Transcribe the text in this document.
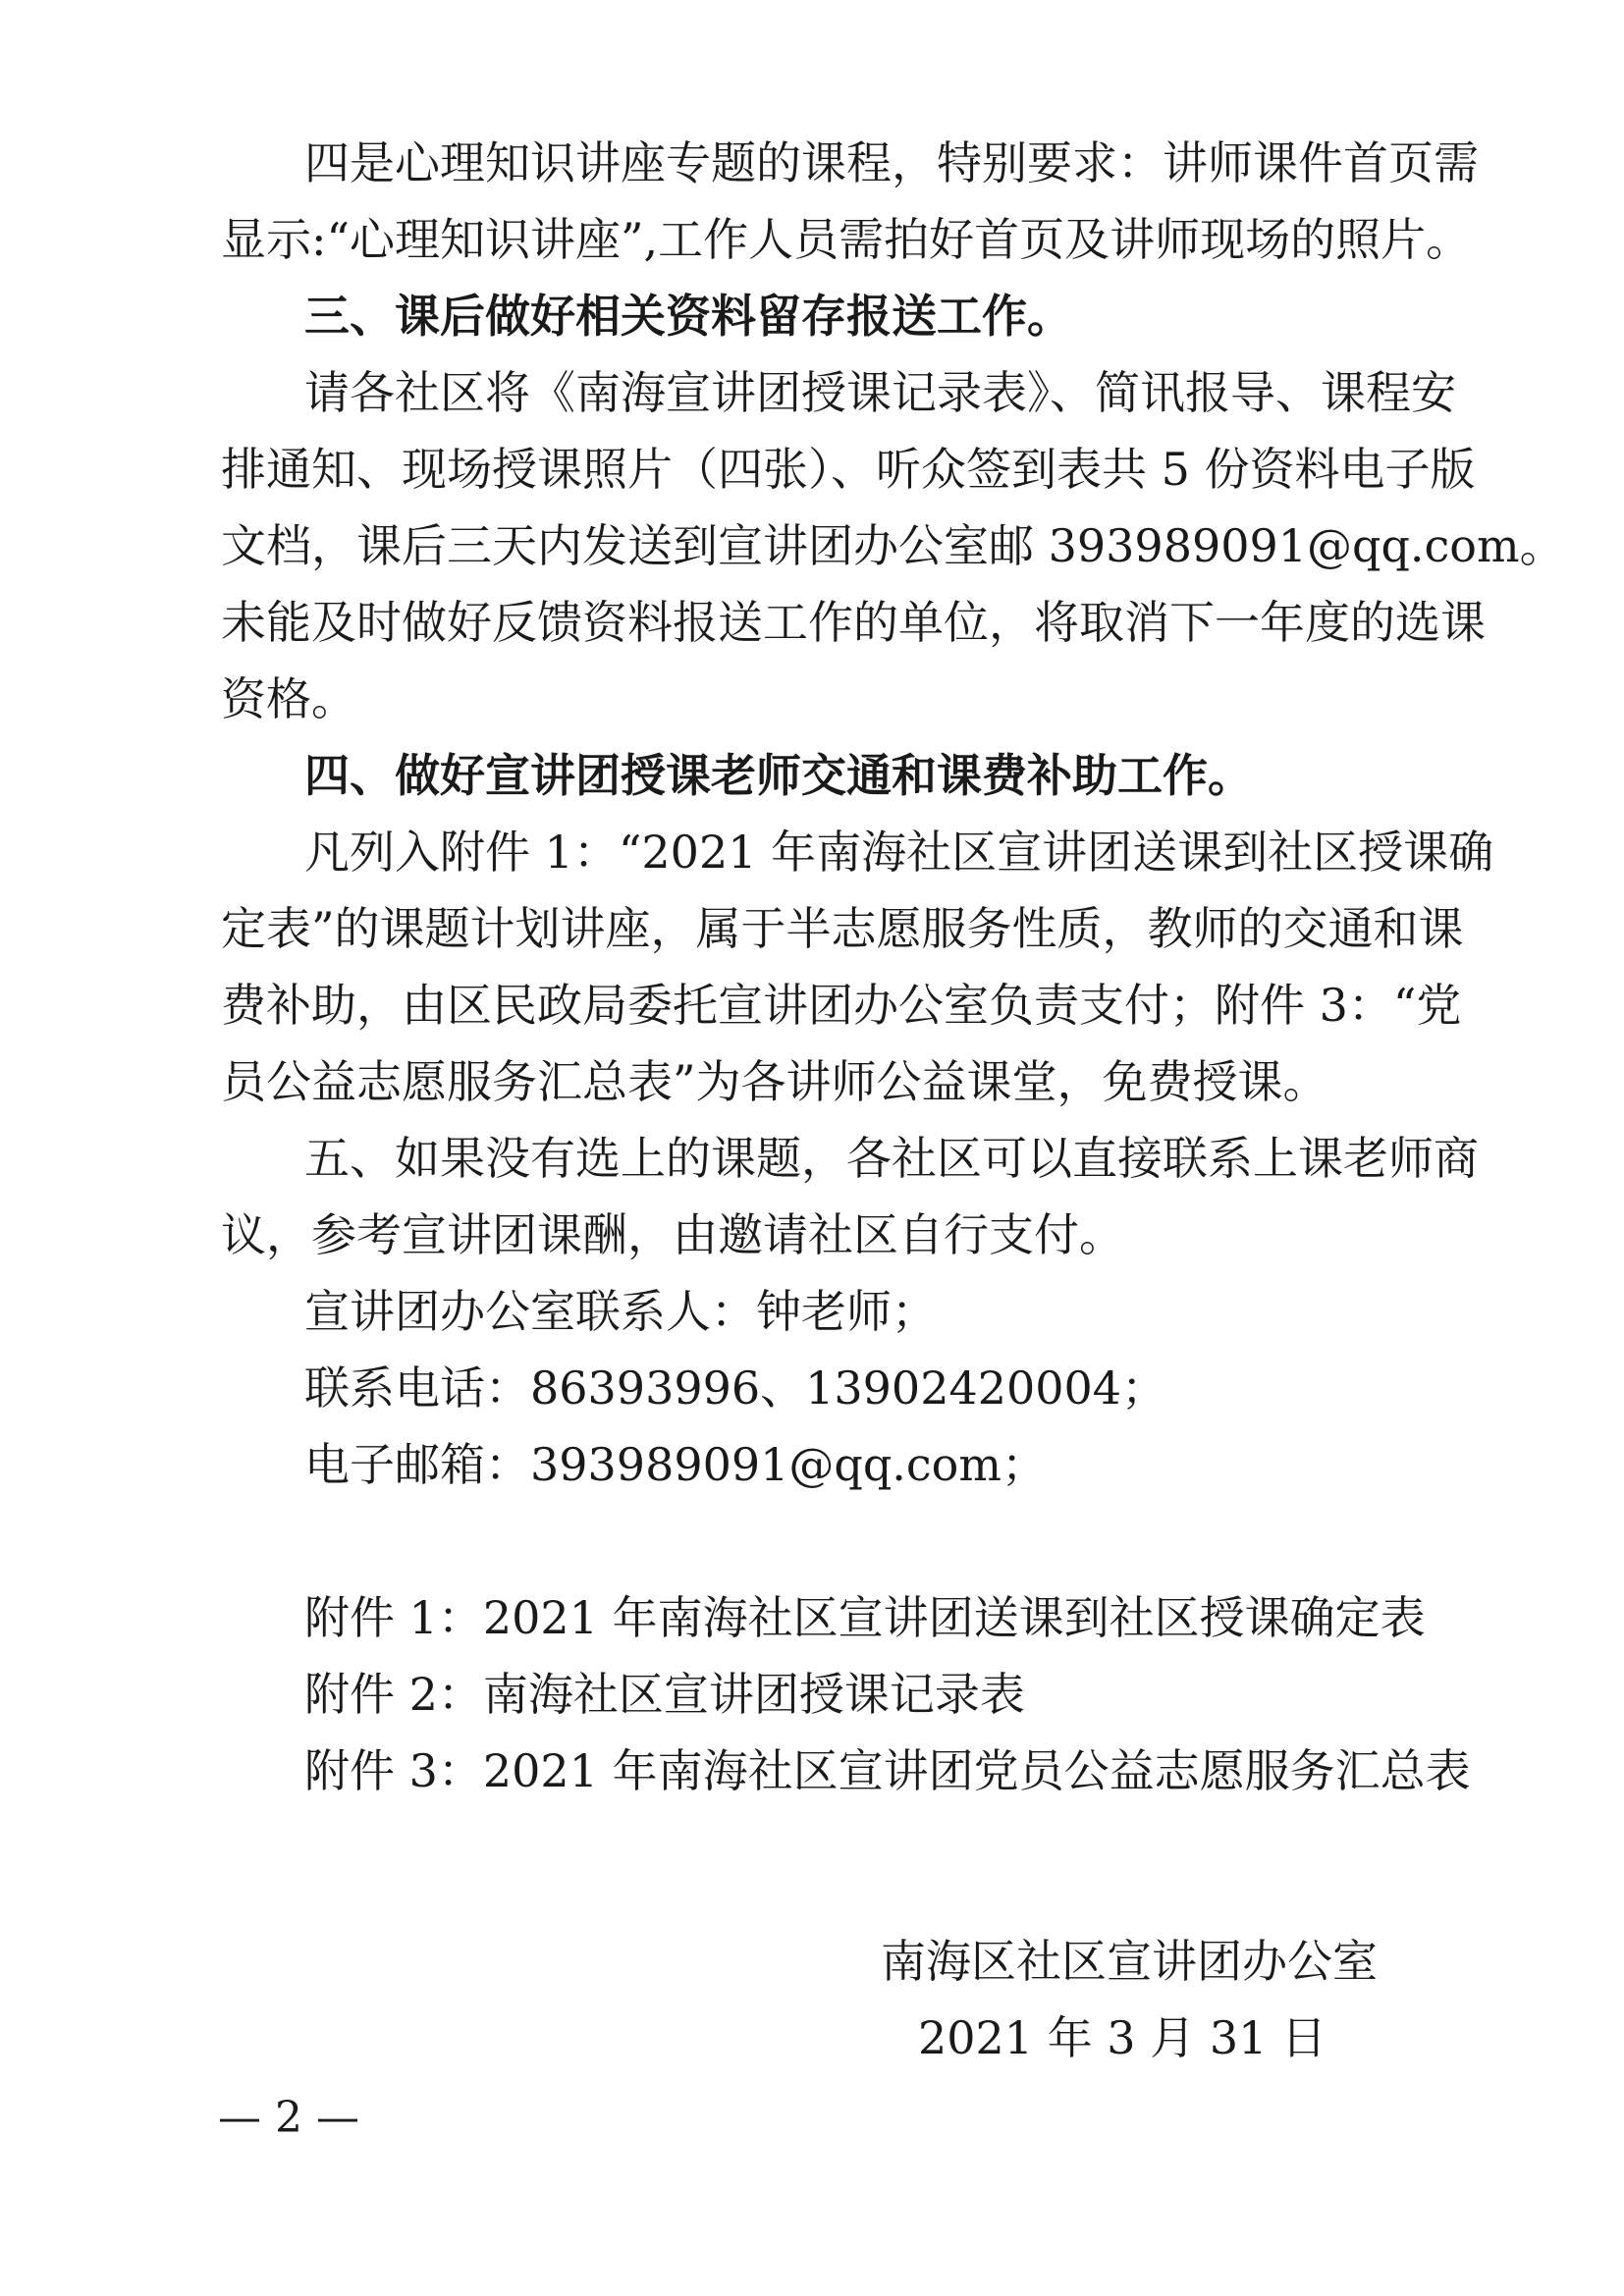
四是心理知识讲座专题的课程，特别要求：讲师课件首页需
显示:“心理知识讲座”,工作人员需拍好首页及讲师现场的照片。
三、课后做好相关资料留存报送工作。
请各社区将《南海宣讲团授课记录表》、简讯报导、课程安
排通知、现场授课照片（四张）、听众签到表共 5 份资料电子版
文档，课后三天内发送到宣讲团办公室邮 393989091@qq.com。
未能及时做好反馈资料报送工作的单位，将取消下一年度的选课
资格。
四、做好宣讲团授课老师交通和课费补助工作。
凡列入附件 1：“2021 年南海社区宣讲团送课到社区授课确
定表”的课题计划讲座，属于半志愿服务性质，教师的交通和课
费补助，由区民政局委托宣讲团办公室负责支付；附件 3：“党
员公益志愿服务汇总表”为各讲师公益课堂，免费授课。
五、如果没有选上的课题，各社区可以直接联系上课老师商
议，参考宣讲团课酬，由邀请社区自行支付。
宣讲团办公室联系人：钟老师；
联系电话：86393996、13902420004；
电子邮箱：393989091@qq.com；
附件 1：2021 年南海社区宣讲团送课到社区授课确定表
附件 2：南海社区宣讲团授课记录表
附件 3：2021 年南海社区宣讲团党员公益志愿服务汇总表
南海区社区宣讲团办公室
2021 年 3 月 31 日
— 2 —
